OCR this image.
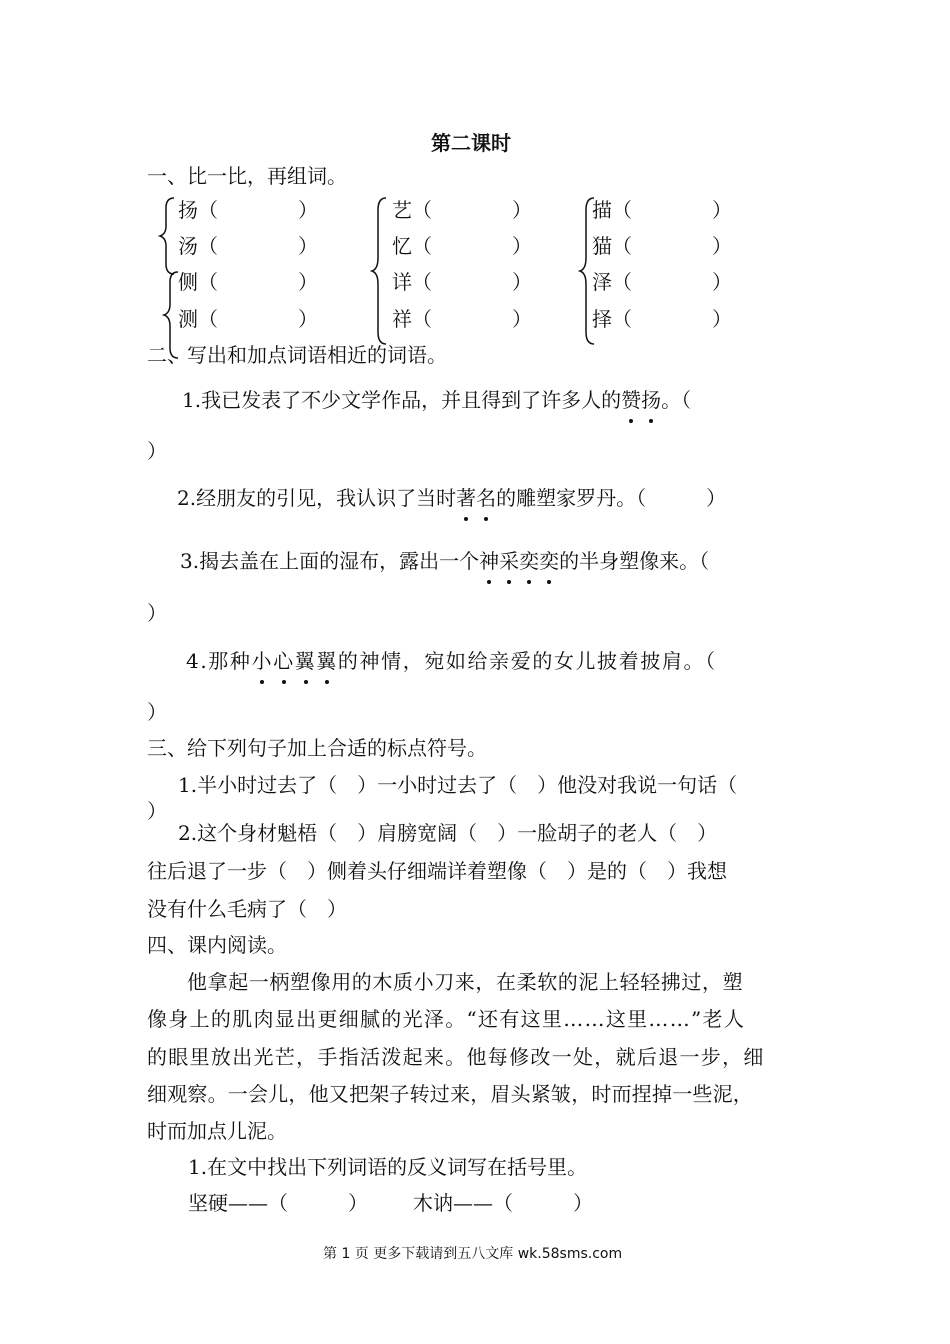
第二课时
一、比一比，再组词。
扬（　　　　）
汤（　　　　）
侧（　　　　）
测（　　　　）
艺（　　　　）
忆（　　　　）
详（　　　　）
祥（　　　　）
描（　　　　）
猫（　　　　）
泽（　　　　）
择（　　　　）
二、写出和加点词语相近的词语。
1.我已发表了不少文学作品，并且得到了许多人的赞扬。（
）
2.经朋友的引见，我认识了当时著名的雕塑家罗丹。（　　　）
3.揭去盖在上面的湿布，露出一个神采奕奕的半身塑像来。（
）
4.那种小心翼翼的神情，宛如给亲爱的女儿披着披肩。（
）
三、给下列句子加上合适的标点符号。
1.半小时过去了（　）一小时过去了（　）他没对我说一句话（
）
2.这个身材魁梧（　）肩膀宽阔（　）一脸胡子的老人（　）
往后退了一步（　）侧着头仔细端详着塑像（　）是的（　）我想
没有什么毛病了（　）
四、课内阅读。
他拿起一柄塑像用的木质小刀来，在柔软的泥上轻轻拂过，塑
像身上的肌肉显出更细腻的光泽。“还有这里……这里……”老人
的眼里放出光芒，手指活泼起来。他每修改一处，就后退一步，细
细观察。一会儿，他又把架子转过来，眉头紧皱，时而捏掉一些泥，
时而加点儿泥。
1.在文中找出下列词语的反义词写在括号里。
坚硬——（　　　） 木讷——（　　　）
第 1 页 更多下载请到五八文库 wk.58sms.com
